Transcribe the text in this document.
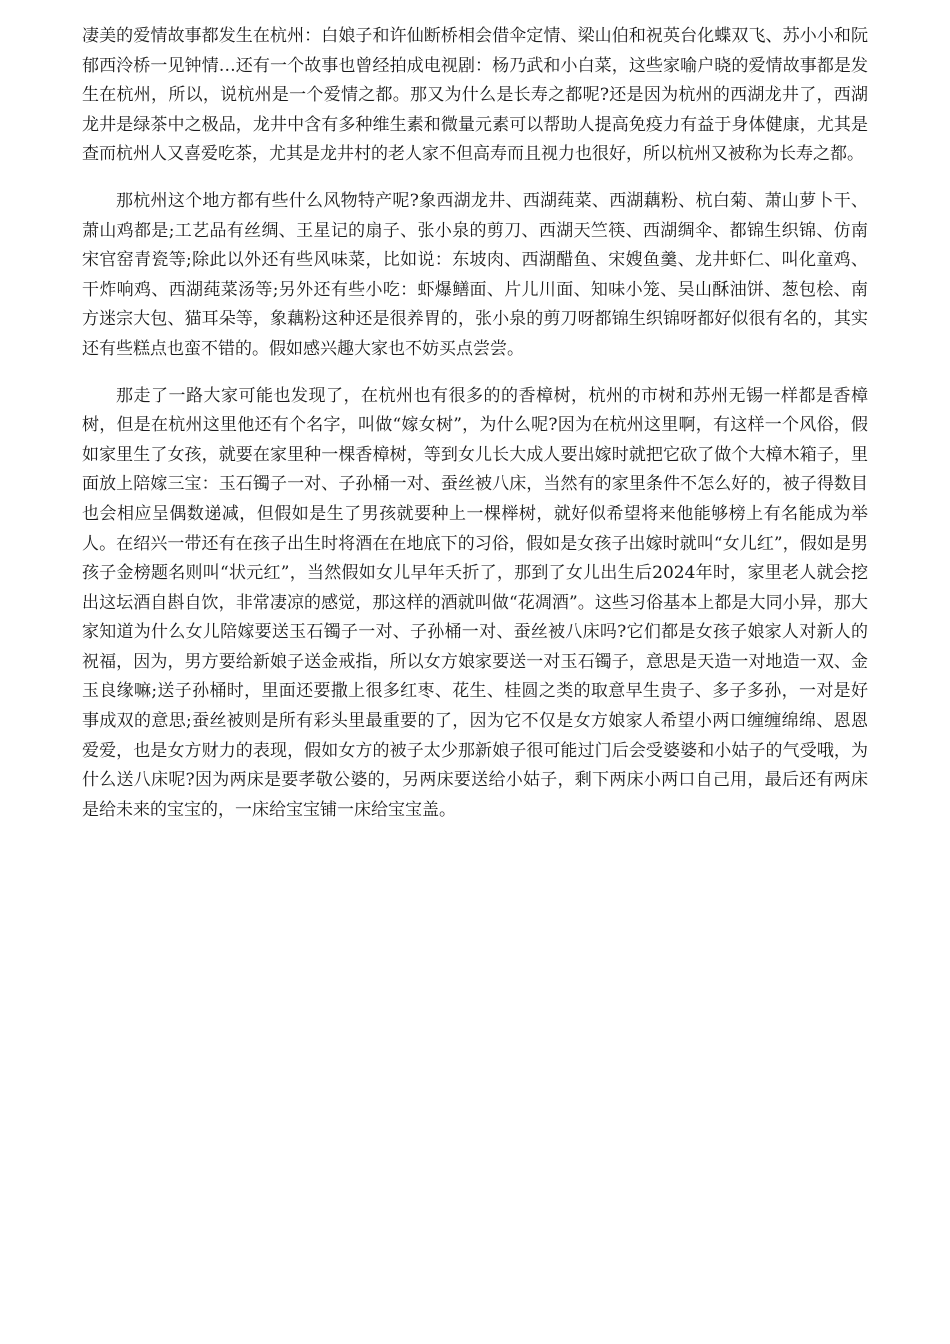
凄美的爱情故事都发生在杭州：白娘子和许仙断桥相会借伞定情、梁山伯和祝英台化蝶双飞、苏小小和阮郁西泠桥一见钟情…还有一个故事也曾经拍成电视剧：杨乃武和小白菜，这些家喻户晓的爱情故事都是发生在杭州，所以，说杭州是一个爱情之都。那又为什么是长寿之都呢?还是因为杭州的西湖龙井了，西湖龙井是绿茶中之极品，龙井中含有多种维生素和微量元素可以帮助人提高免疫力有益于身体健康，尤其是查而杭州人又喜爱吃茶，尤其是龙井村的老人家不但高寿而且视力也很好，所以杭州又被称为长寿之都。

那杭州这个地方都有些什么风物特产呢?象西湖龙井、西湖莼菜、西湖藕粉、杭白菊、萧山萝卜干、萧山鸡都是;工艺品有丝绸、王星记的扇子、张小泉的剪刀、西湖天竺筷、西湖绸伞、都锦生织锦、仿南宋官窑青瓷等;除此以外还有些风味菜，比如说：东坡肉、西湖醋鱼、宋嫂鱼羹、龙井虾仁、叫化童鸡、干炸响鸡、西湖莼菜汤等;另外还有些小吃：虾爆鳝面、片儿川面、知味小笼、吴山酥油饼、葱包桧、南方迷宗大包、猫耳朵等，象藕粉这种还是很养胃的，张小泉的剪刀呀都锦生织锦呀都好似很有名的，其实还有些糕点也蛮不错的。假如感兴趣大家也不妨买点尝尝。

那走了一路大家可能也发现了，在杭州也有很多的的香樟树，杭州的市树和苏州无锡一样都是香樟树，但是在杭州这里他还有个名字，叫做“嫁女树”，为什么呢?因为在杭州这里啊，有这样一个风俗，假如家里生了女孩，就要在家里种一棵香樟树，等到女儿长大成人要出嫁时就把它砍了做个大樟木箱子，里面放上陪嫁三宝：玉石镯子一对、子孙桶一对、蚕丝被八床，当然有的家里条件不怎么好的，被子得数目也会相应呈偶数递减，但假如是生了男孩就要种上一棵榉树，就好似希望将来他能够榜上有名能成为举人。在绍兴一带还有在孩子出生时将酒在在地底下的习俗，假如是女孩子出嫁时就叫“女儿红”，假如是男孩子金榜题名则叫“状元红”，当然假如女儿早年夭折了，那到了女儿出生后2024年时，家里老人就会挖出这坛酒自斟自饮，非常凄凉的感觉，那这样的酒就叫做“花凋酒”。这些习俗基本上都是大同小异，那大家知道为什么女儿陪嫁要送玉石镯子一对、子孙桶一对、蚕丝被八床吗?它们都是女孩子娘家人对新人的祝福，因为，男方要给新娘子送金戒指，所以女方娘家要送一对玉石镯子，意思是天造一对地造一双、金玉良缘嘛;送子孙桶时，里面还要撒上很多红枣、花生、桂圆之类的取意早生贵子、多子多孙，一对是好事成双的意思;蚕丝被则是所有彩头里最重要的了，因为它不仅是女方娘家人希望小两口缠缠绵绵、恩恩爱爱，也是女方财力的表现，假如女方的被子太少那新娘子很可能过门后会受婆婆和小姑子的气受哦，为什么送八床呢?因为两床是要孝敬公婆的，另两床要送给小姑子，剩下两床小两口自己用，最后还有两床是给未来的宝宝的，一床给宝宝铺一床给宝宝盖。
